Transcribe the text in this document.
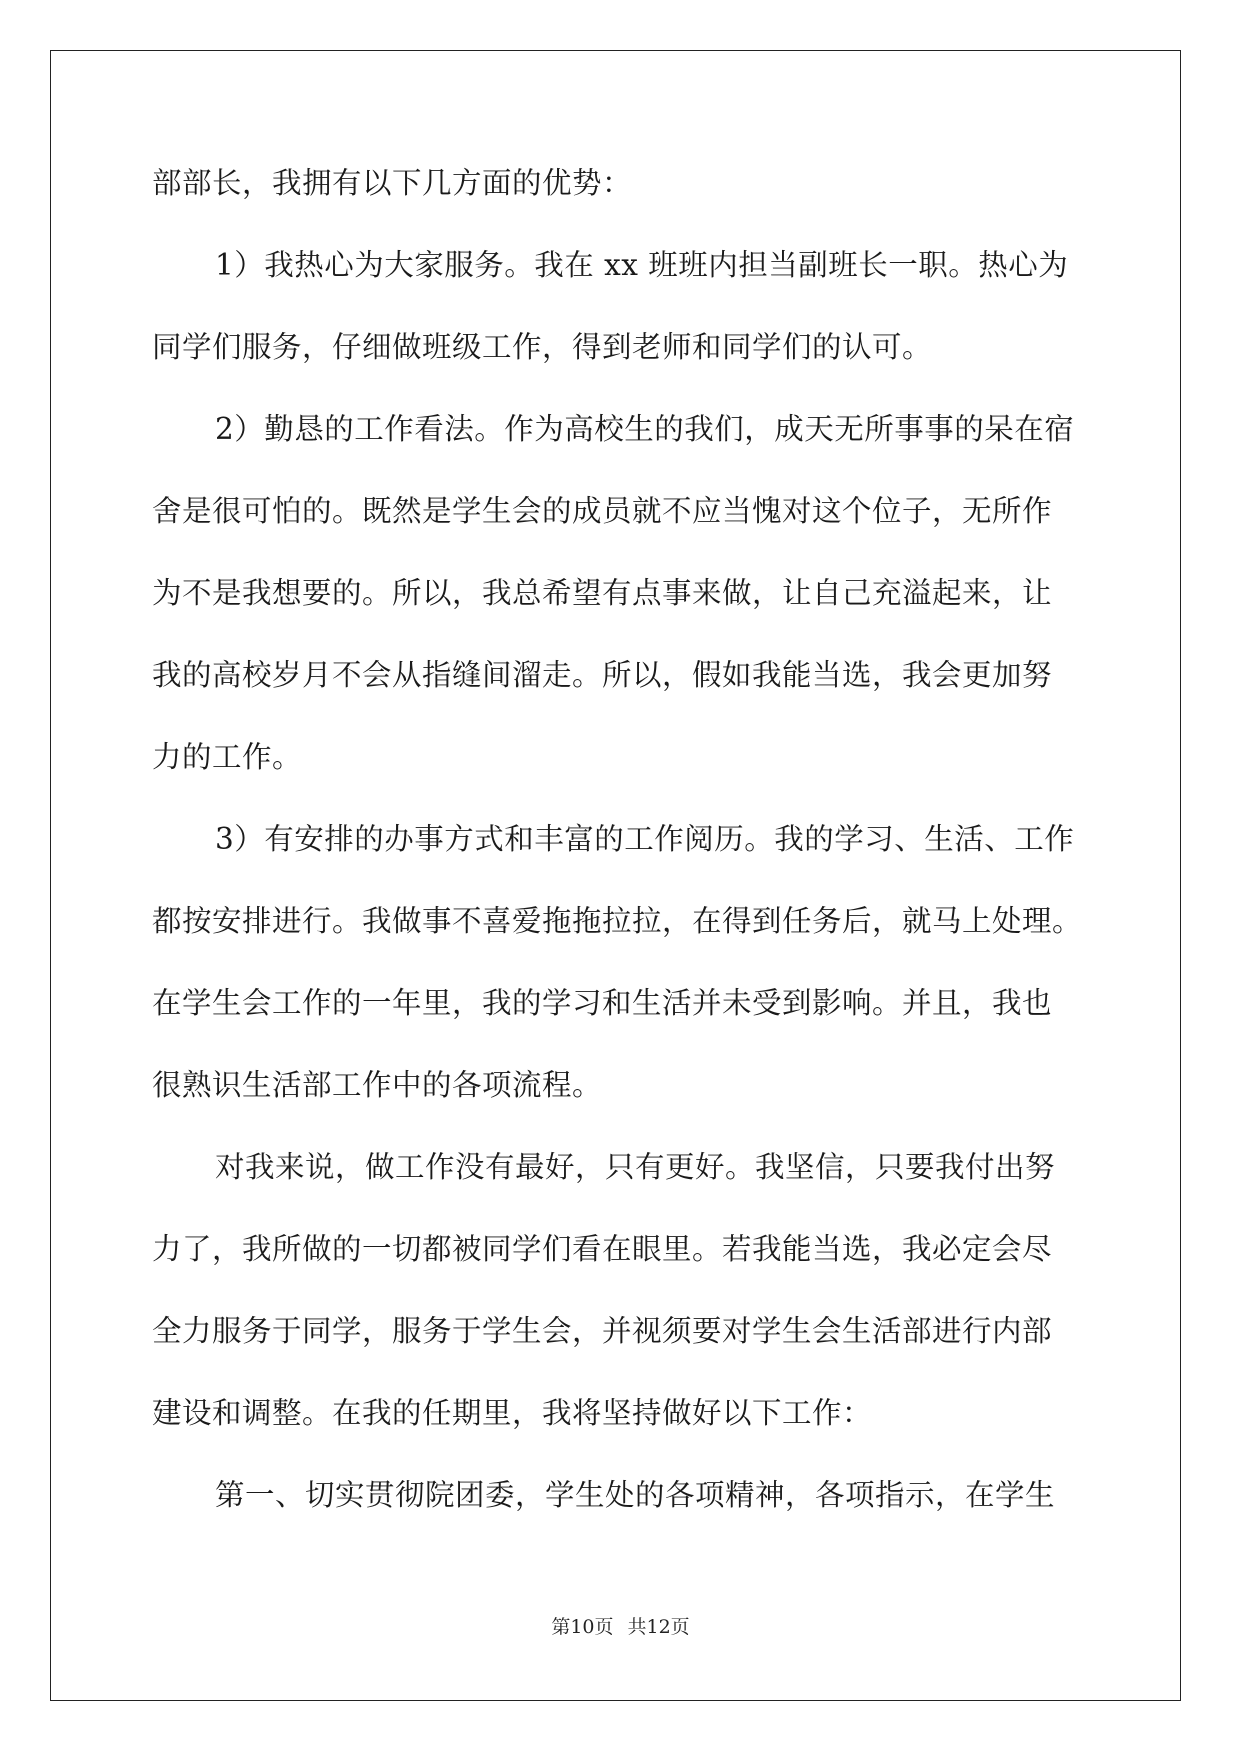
部部长，我拥有以下几方面的优势：
1）我热心为大家服务。我在 xx 班班内担当副班长一职。热心为
同学们服务，仔细做班级工作，得到老师和同学们的认可。
2）勤恳的工作看法。作为高校生的我们，成天无所事事的呆在宿
舍是很可怕的。既然是学生会的成员就不应当愧对这个位子，无所作
为不是我想要的。所以，我总希望有点事来做，让自己充溢起来，让
我的高校岁月不会从指缝间溜走。所以，假如我能当选，我会更加努
力的工作。
3）有安排的办事方式和丰富的工作阅历。我的学习、生活、工作
都按安排进行。我做事不喜爱拖拖拉拉，在得到任务后，就马上处理。
在学生会工作的一年里，我的学习和生活并未受到影响。并且，我也
很熟识生活部工作中的各项流程。
对我来说，做工作没有最好，只有更好。我坚信，只要我付出努
力了，我所做的一切都被同学们看在眼里。若我能当选，我必定会尽
全力服务于同学，服务于学生会，并视须要对学生会生活部进行内部
建设和调整。在我的任期里，我将坚持做好以下工作：
第一、切实贯彻院团委，学生处的各项精神，各项指示，在学生
第10页 共12页
